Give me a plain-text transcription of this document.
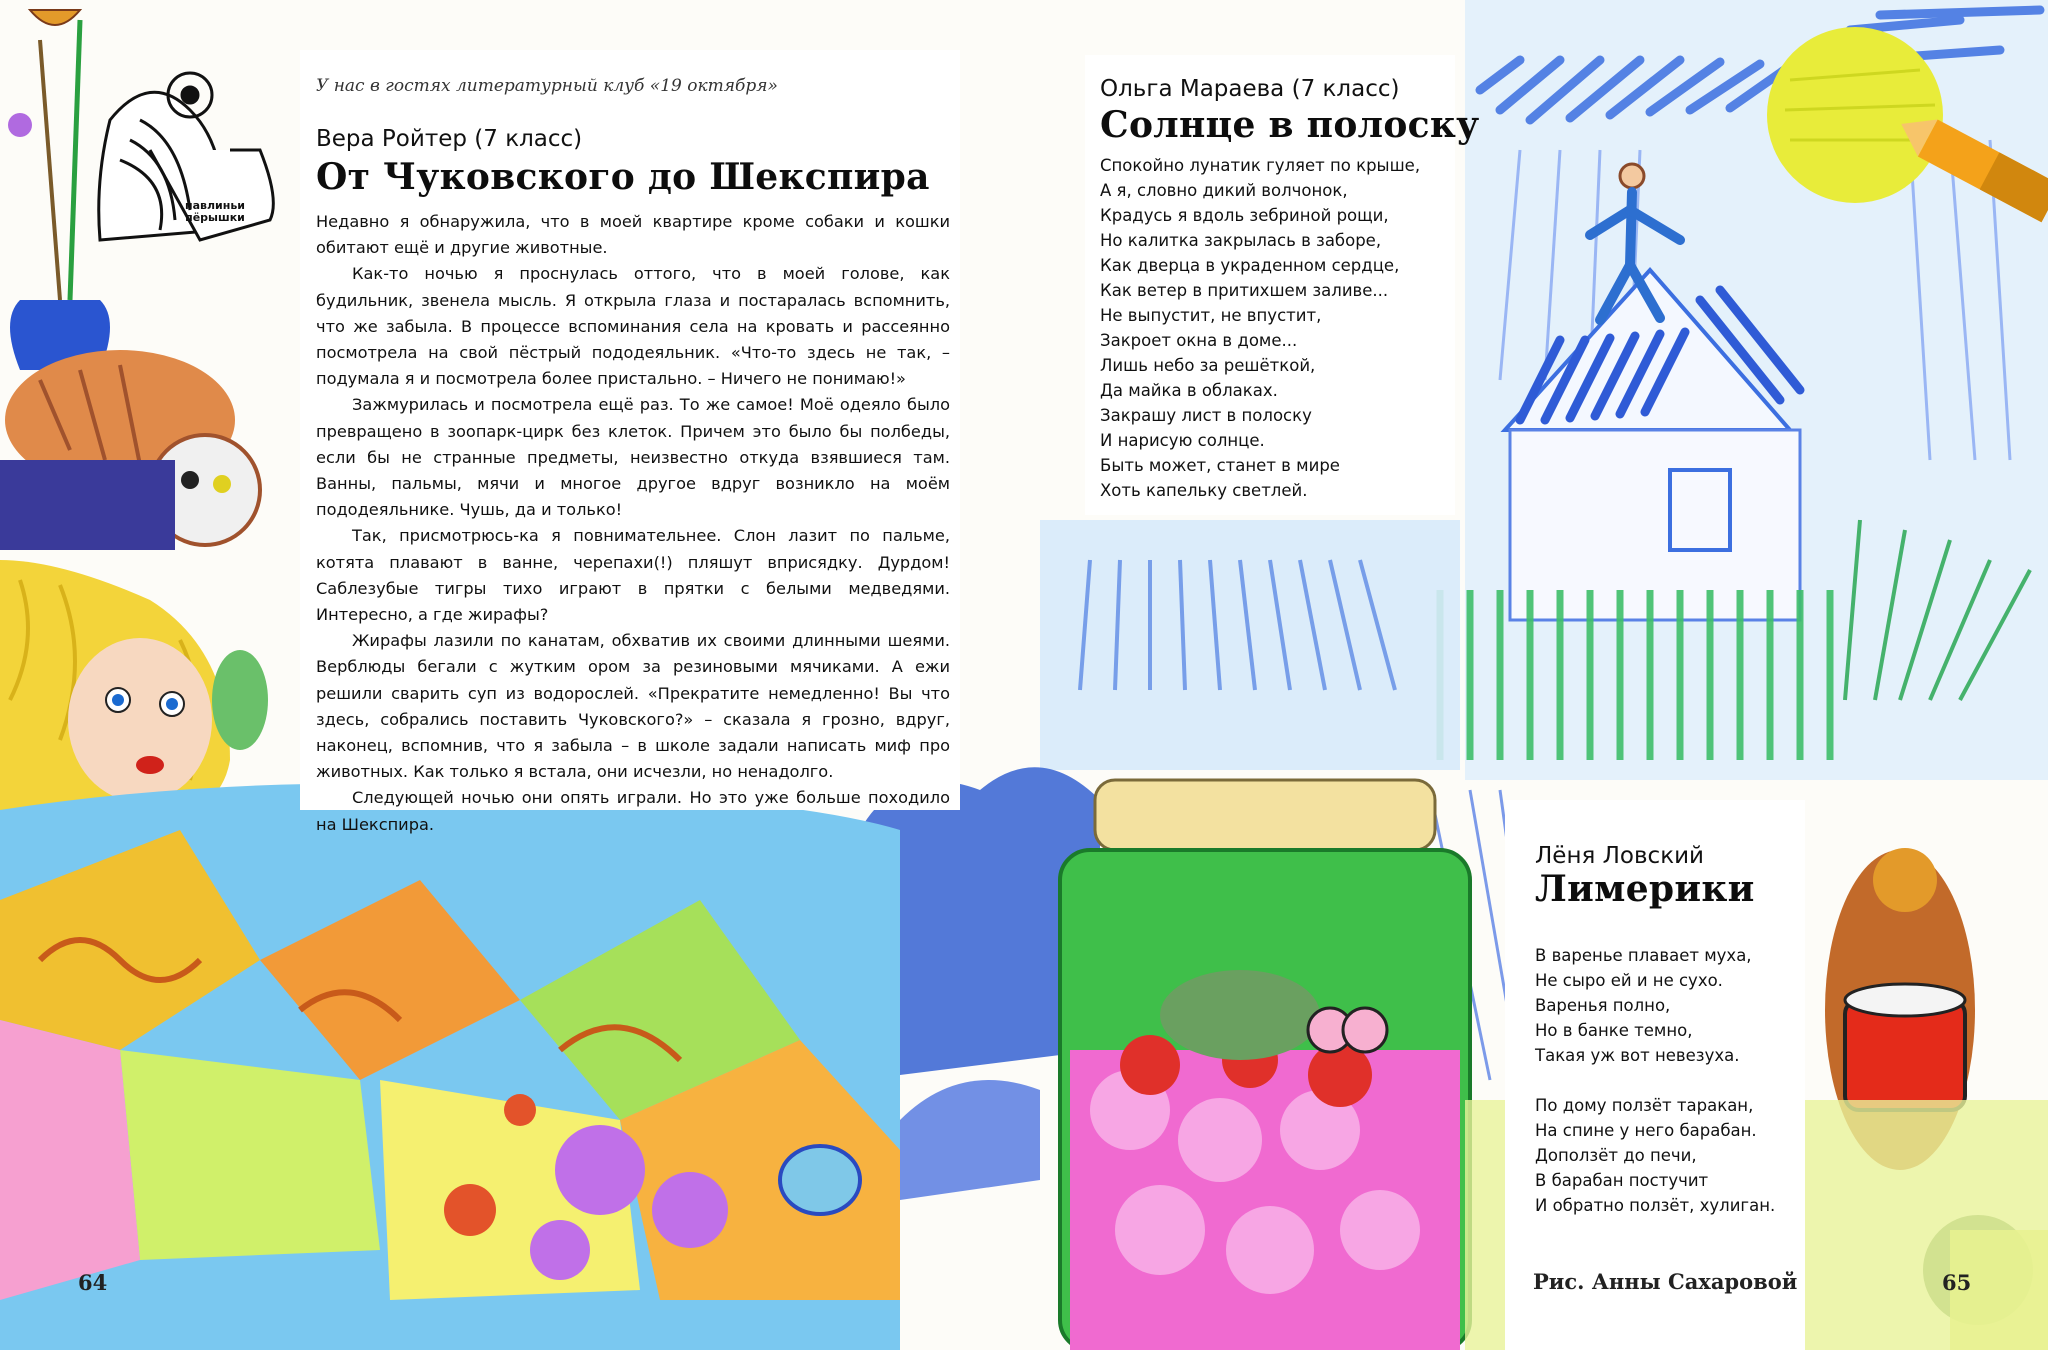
павлиньи
пёрышки
У нас в гостях литературный клуб «19 октября»
Вера Ройтер (7 класс)
От Чуковского до Шекспира

Недавно я обнаружила, что в моей квартире кроме собаки и кошки обитают ещё и другие животные.

Как-то ночью я проснулась оттого, что в моей голове, как будильник, звенела мысль. Я открыла глаза и постаралась вспомнить, что же забыла. В процессе вспоминания села на кровать и рассеянно посмотрела на свой пёстрый пододеяльник. «Что-то здесь не так, – подумала я и посмотрела более пристально. – Ничего не понимаю!»

Зажмурилась и посмотрела ещё раз. То же самое! Моё одеяло было превращено в зоопарк-цирк без клеток. Причем это было бы полбеды, если бы не странные предметы, неизвестно откуда взявшиеся там. Ванны, пальмы, мячи и многое другое вдруг возникло на моём пододеяльнике. Чушь, да и только!

Так, присмотрюсь-ка я повнимательнее. Слон лазит по пальме, котята плавают в ванне, черепахи(!) пляшут вприсядку. Дурдом! Саблезубые тигры тихо играют в прятки с белыми медведями. Интересно, а где жирафы?

Жирафы лазили по канатам, обхватив их своими длинными шеями. Верблюды бегали с жутким ором за резиновыми мячиками. А ежи решили сварить суп из водорослей. «Прекратите немедленно! Вы что здесь, собрались поставить Чуковского?» – сказала я грозно, вдруг, наконец, вспомнив, что я забыла – в школе задали написать миф про животных. Как только я встала, они исчезли, но ненадолго.

Следующей ночью они опять играли. Но это уже больше походило на Шекспира.

Ольга Мараева (7 класс)
Солнце в полоску
Спокойно лунатик гуляет по крыше,
А я, словно дикий волчонок,
Крадусь я вдоль зебриной рощи,
Но калитка закрылась в заборе,
Как дверца в украденном сердце,
Как ветер в притихшем заливе...
Не выпустит, не впустит,
Закроет окна в доме...
Лишь небо за решёткой,
Да майка в облаках.
Закрашу лист в полоску
И нарисую солнце.
Быть может, станет в мире
Хоть капельку светлей.
Лёня Ловский
Лимерики
В варенье плавает муха,
Не сыро ей и не сухо.
Варенья полно,
Но в банке темно,
Такая уж вот невезуха.
По дому ползёт таракан,
На спине у него барабан.
Доползёт до печи,
В барабан постучит
И обратно ползёт, хулиган.
Рис. Анны Сахаровой
64	65
